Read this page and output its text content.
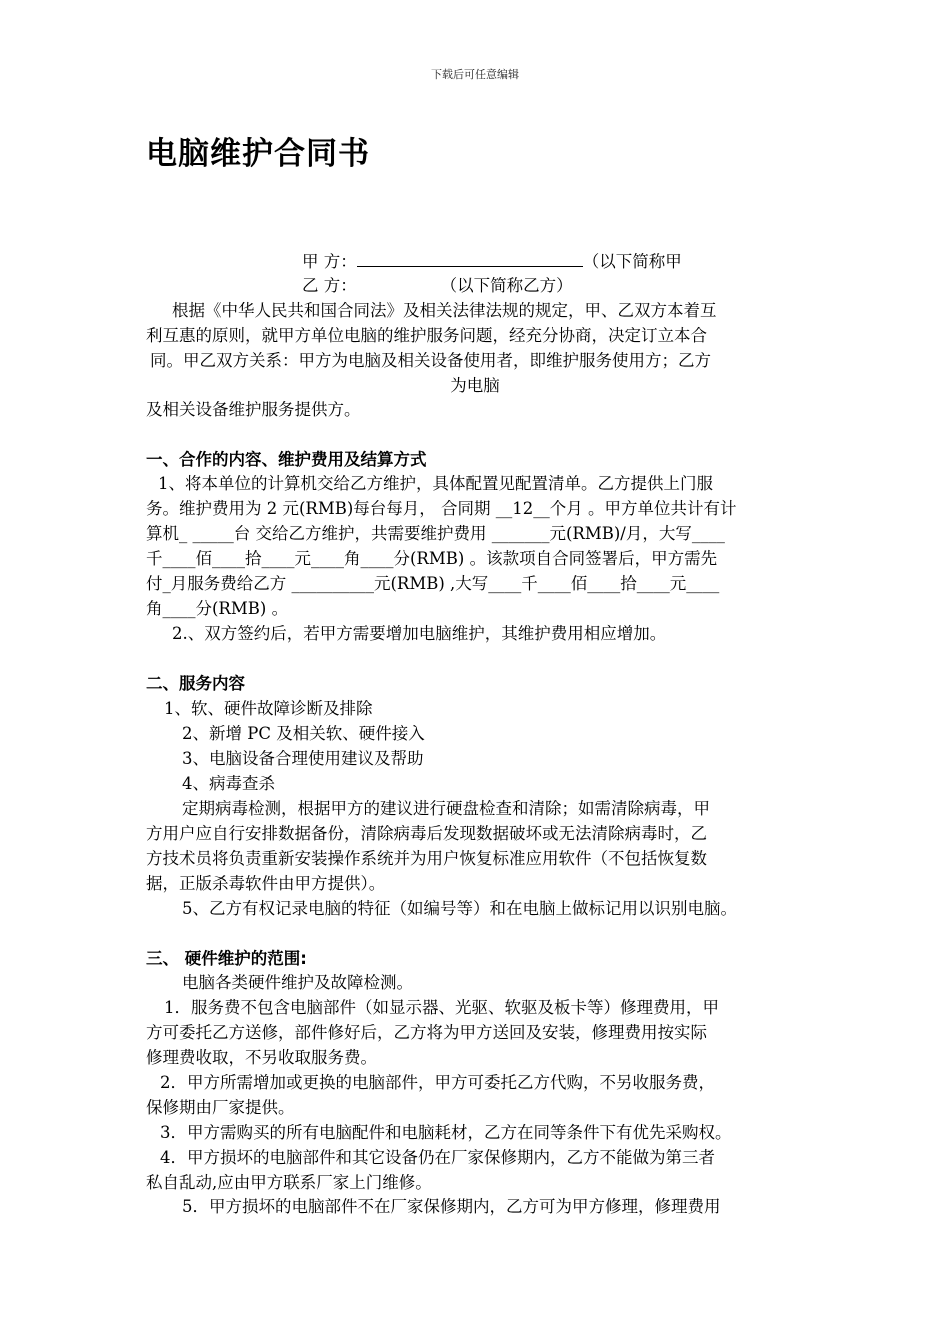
下载后可任意编辑
电脑维护合同书
甲 方：	（以下简称甲
乙 方：                （以下简称乙方）
根据《中华人民共和国合同法》及相关法律法规的规定，甲、乙双方本着互
利互惠的原则，就甲方单位电脑的维护服务问题，经充分协商，决定订立本合
同。甲乙双方关系：甲方为电脑及相关设备使用者，即维护服务使用方；乙方
为电脑
及相关设备维护服务提供方。
一、合作的内容、维护费用及结算方式
1、将本单位的计算机交给乙方维护，具体配置见配置清单。乙方提供上门服
务。维护费用为 2 元(RMB)每台每月， 合同期 __12__个月 。甲方单位共计有计
算机_ _____台 交给乙方维护，共需要维护费用 _______元(RMB)/月，大写____
千____佰____拾____元____角____分(RMB) 。该款项自合同签署后，甲方需先
付_月服务费给乙方 __________元(RMB) ,大写____千____佰____拾____元____
角____分(RMB) 。
2.、双方签约后，若甲方需要增加电脑维护，其维护费用相应增加。
二、服务内容
1、软、硬件故障诊断及排除
2、新增 PC 及相关软、硬件接入
3、电脑设备合理使用建议及帮助
4、病毒查杀
定期病毒检测，根据甲方的建议进行硬盘检查和清除；如需清除病毒，甲
方用户应自行安排数据备份，清除病毒后发现数据破坏或无法清除病毒时，乙
方技术员将负责重新安装操作系统并为用户恢复标准应用软件（不包括恢复数
据，正版杀毒软件由甲方提供）。
5、乙方有权记录电脑的特征（如编号等）和在电脑上做标记用以识别电脑。
三、 硬件维护的范围:
电脑各类硬件维护及故障检测。
1．服务费不包含电脑部件（如显示器、光驱、软驱及板卡等）修理费用，甲
方可委托乙方送修，部件修好后，乙方将为甲方送回及安装，修理费用按实际
修理费收取，不另收取服务费。
2．甲方所需增加或更换的电脑部件，甲方可委托乙方代购，不另收服务费，
保修期由厂家提供。
3．甲方需购买的所有电脑配件和电脑耗材，乙方在同等条件下有优先采购权。
4．甲方损坏的电脑部件和其它设备仍在厂家保修期内，乙方不能做为第三者
私自乱动,应由甲方联系厂家上门维修。
5．甲方损坏的电脑部件不在厂家保修期内，乙方可为甲方修理，修理费用
